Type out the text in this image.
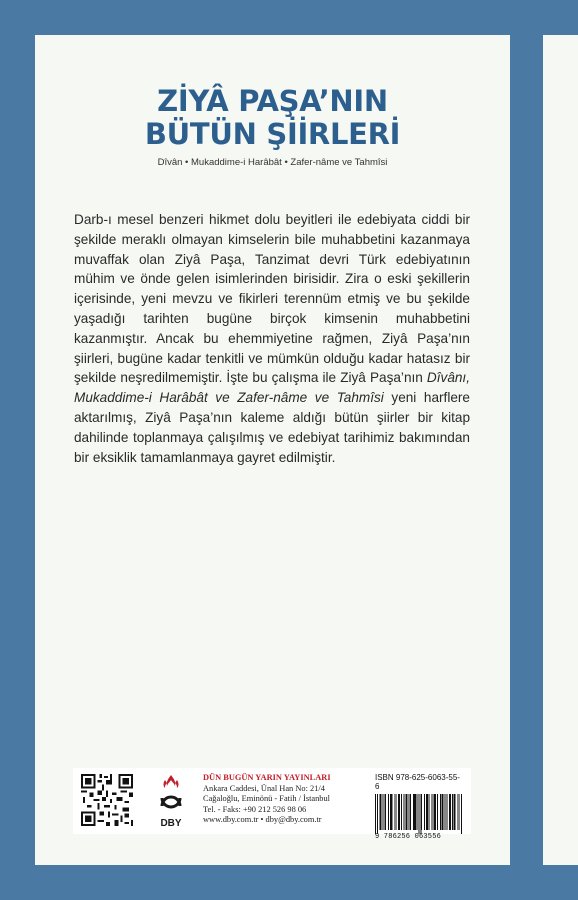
ZİYÂ PAŞA’NIN
BÜTÜN ŞİİRLERİ
Dîvân • Mukaddime-i Harâbât • Zafer-nâme ve Tahmîsi
Darb-ı mesel benzeri hikmet dolu beyitleri ile edebiyata ciddi bir şekilde meraklı olmayan kimselerin bile muhabbetini kazanmaya muvaffak olan Ziyâ Paşa, Tanzimat devri Türk edebiyatının mühim ve önde gelen isimlerinden birisidir. Zira o eski şekillerin içerisinde, yeni mevzu ve fikirleri terennüm etmiş ve bu şekilde yaşadığı tarihten bugüne birçok kimsenin muhabbetini kazanmıştır. Ancak bu ehemmiyetine rağmen, Ziyâ Paşa’nın şiirleri, bugüne kadar tenkitli ve mümkün olduğu kadar hatasız bir şekilde neşredilmemiştir. İşte bu çalışma ile Ziyâ Paşa’nın Dîvânı, Mukaddime-i Harâbât ve Zafer-nâme ve Tahmîsi yeni harflere aktarılmış, Ziyâ Paşa’nın kaleme aldığı bütün şiirler bir kitap dahilinde toplanmaya çalışılmış ve edebiyat tarihimiz bakımından bir eksiklik tamamlanmaya gayret edilmiştir.
DBY
DÜN BUGÜN YARIN YAYINLARI
Ankara Caddesi, Ünal Han No: 21/4
Cağaloğlu, Eminönü - Fatih / İstanbul
Tel. - Faks: +90 212 526 98 06
www.dby.com.tr • dby@dby.com.tr
ISBN 978-625-6063-55-6
9 786256 063556
